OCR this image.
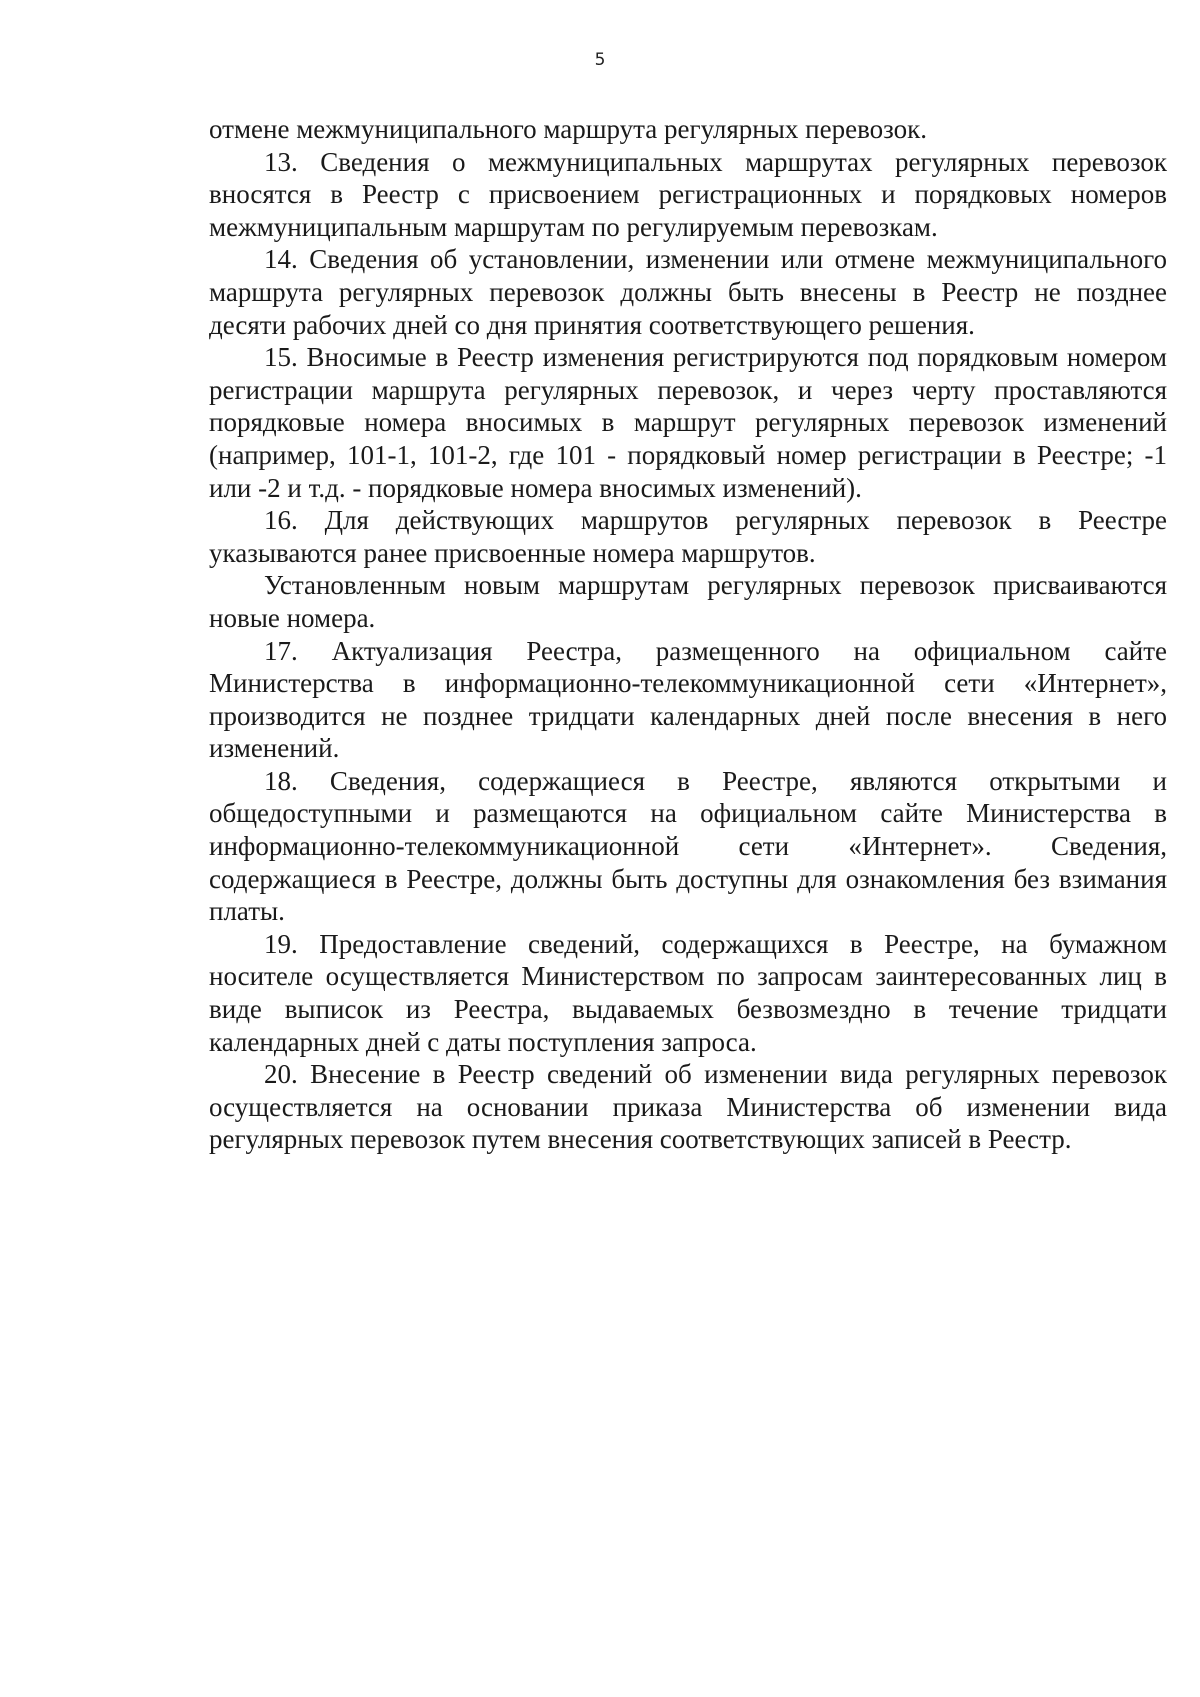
5

отмене межмуниципального маршрута регулярных перевозок.

13. Сведения о межмуниципальных маршрутах регулярных перевозок вносятся в Реестр с присвоением регистрационных и порядковых номеров межмуниципальным маршрутам по регулируемым перевозкам.

14. Сведения об установлении, изменении или отмене межмуниципального маршрута регулярных перевозок должны быть внесены в Реестр не позднее десяти рабочих дней со дня принятия соответствующего решения.

15. Вносимые в Реестр изменения регистрируются под порядковым номером регистрации маршрута регулярных перевозок, и через черту проставляются порядковые номера вносимых в маршрут регулярных перевозок изменений (например, 101-1, 101-2, где 101 - порядковый номер регистрации в Реестре; -1 или -2 и т.д. - порядковые номера вносимых изменений).

16. Для действующих маршрутов регулярных перевозок в Реестре указываются ранее присвоенные номера маршрутов.

Установленным новым маршрутам регулярных перевозок присваиваются новые номера.

17. Актуализация Реестра, размещенного на официальном сайте Министерства в информационно-телекоммуникационной сети «Интернет», производится не позднее тридцати календарных дней после внесения в него изменений.

18. Сведения, содержащиеся в Реестре, являются открытыми и общедоступными и размещаются на официальном сайте Министерства в информационно-телекоммуникационной сети «Интернет». Сведения, содержащиеся в Реестре, должны быть доступны для ознакомления без взимания платы.

19. Предоставление сведений, содержащихся в Реестре, на бумажном носителе осуществляется Министерством по запросам заинтересованных лиц в виде выписок из Реестра, выдаваемых безвозмездно в течение тридцати календарных дней с даты поступления запроса.

20. Внесение в Реестр сведений об изменении вида регулярных перевозок осуществляется на основании приказа Министерства об изменении вида регулярных перевозок путем внесения соответствующих записей в Реестр.
